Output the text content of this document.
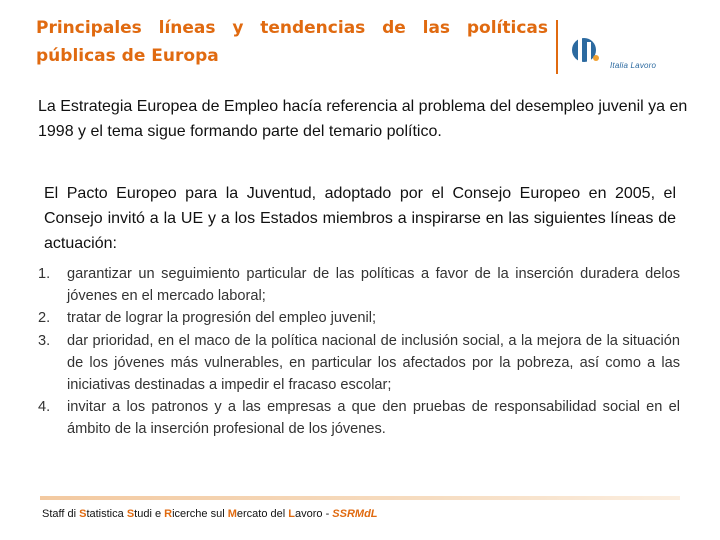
Principales líneas y tendencias de las políticas públicas de Europa	Italia Lavoro
La Estrategia Europea de Empleo hacía referencia al problema del desempleo juvenil ya en 1998 y el tema sigue formando parte del temario político.
El Pacto Europeo para la Juventud, adoptado por el Consejo Europeo en 2005, el Consejo invitó a la UE y a los Estados miembros a inspirarse en las siguientes líneas de actuación:
1. garantizar un seguimiento particular de las políticas a favor de la inserción duradera delos jóvenes en el mercado laboral;
2. tratar de lograr la progresión del empleo juvenil;
3. dar prioridad, en el maco de la política nacional de inclusión social, a la mejora de la situación de los jóvenes más vulnerables, en particular los afectados por la pobreza, así como a las iniciativas destinadas a impedir el fracaso escolar;
4. invitar a los patronos y a las empresas a que den pruebas de responsabilidad social en el ámbito de la inserción profesional de los jóvenes.
Staff di Statistica Studi e Ricerche sul Mercato del Lavoro - SSRMdL
